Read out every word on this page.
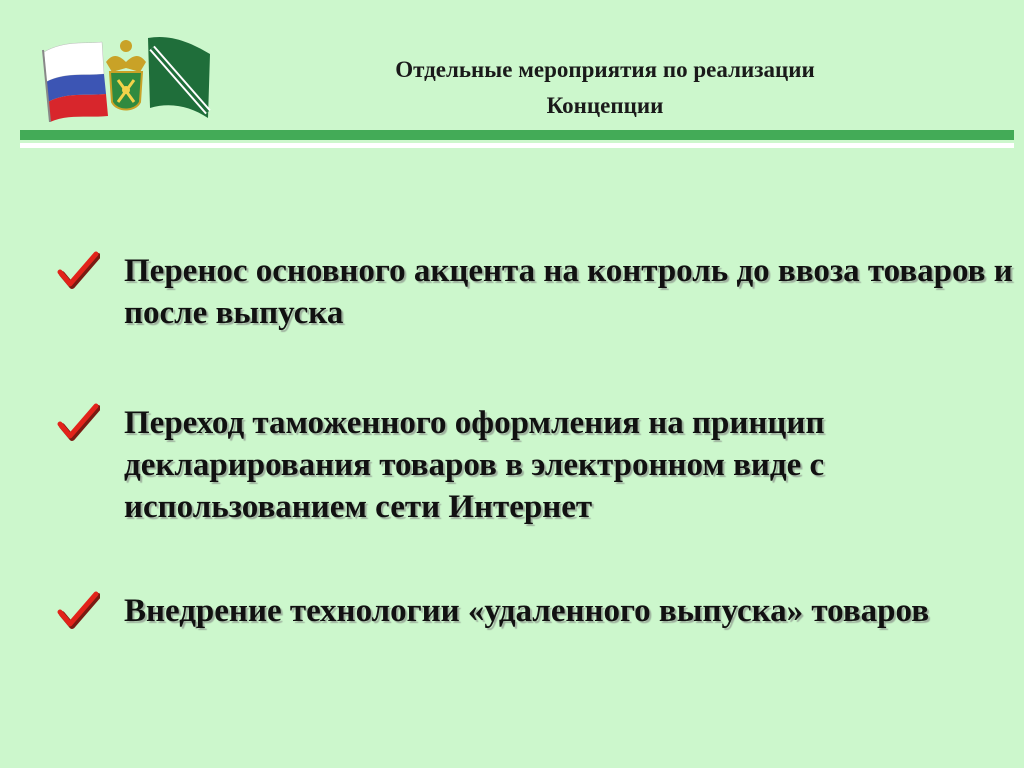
Отдельные мероприятия по реализации
Концепции
Перенос основного акцента на контроль до ввоза товаров и после выпуска
Переход таможенного оформления на принцип декларирования товаров в электронном виде с использованием сети Интернет
Внедрение технологии «удаленного выпуска» товаров
